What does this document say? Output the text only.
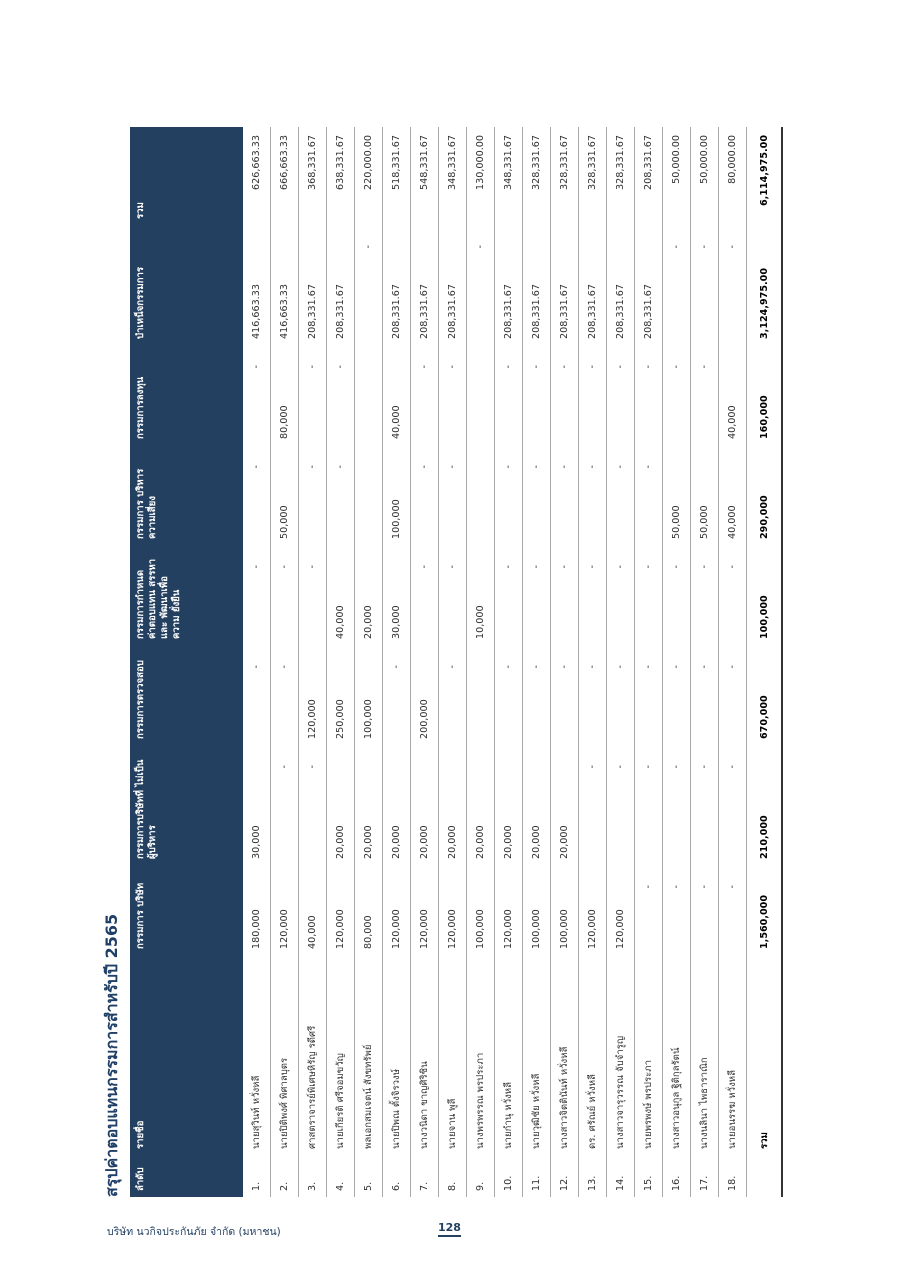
สรุปค่าตอบแทนกรรมการสำหรับปี 2565	ลำดับ	รายชื่อ	กรรมการ บริษัท	กรรมการบริษัทที่ ไม่เป็นผู้บริหาร	กรรมการตรวจสอบ	กรรมการกำหนด ค่าตอบแทน สรรหา และ พัฒนาเพื่อความ ยั่งยืน	กรรมการ บริหารความเสี่ยง	กรรมการลงทุน	บำเหน็จกรรมการ	รวม
1.	นายสุวินท์ หวั่งหลี	180,000	30,000	-	-	-	-	416,663.33	626,663.33
2.	นายปิติพงศ์ พิศาลบุตร	120,000	-	-	-	50,000	80,000	416,663.33	666,663.33
3.	ศาสตราจารย์พิเศษหิรัญ รดีศรี	40,000	-	120,000	-	-	-	208,331.67	368,331.67
4.	นายเกียรติ ศรีจอมขวัญ	120,000	20,000	250,000	40,000	-	-	208,331.67	638,331.67
5.	พลเอกสมเจตน์ สังขทรัพย์	80,000	20,000	100,000	20,000			-	220,000.00
6.	นายปิพณ ตั้งจิรวงษ์	120,000	20,000	-	30,000	100,000	40,000	208,331.67	518,331.67
7.	นางวนิดา ขาญศิริชิน	120,000	20,000	200,000	-	-	-	208,331.67	548,331.67
8.	นายจาน พูลี	120,000	20,000	-	-	-	-	208,331.67	348,331.67
9.	นางพรพรรณ พรประภา	100,000	20,000		10,000			-	130,000.00
10.	นายกำนุ หวั่งหลี	120,000	20,000	-	-	-	-	208,331.67	348,331.67
11.	นายวุฒิชัย หวั่งหลี	100,000	20,000	-	-	-	-	208,331.67	328,331.67
12.	นางสาวจิตตินันท์ หวั่งหลี	100,000	20,000	-	-	-	-	208,331.67	328,331.67
13.	ดร. ศรัณย์ หวั่งหลี	120,000	-	-	-	-	-	208,331.67	328,331.67
14.	นางสาวจารุวรรณ จับจำรูญ	120,000	-	-	-	-	-	208,331.67	328,331.67
15.	นายพรพงษ์ พรประภา	-	-	-	-	-	-	208,331.67	208,331.67
16.	นางสาวอนุกูล ฐิติกุลรัตน์	-	-	-	-	50,000	-	-	50,000.00
17.	นางนลินา ไพธาราณิก	-	-	-	-	50,000	-	-	50,000.00
18.	นายอนรรฆ หวั่งหลี	-	-	-	-	40,000	40,000	-	80,000.00
	รวม	1,560,000	210,000	670,000	100,000	290,000	160,000	3,124,975.00	6,114,975.00
บริษัท นวกิจประกันภัย จำกัด (มหาชน)	128
